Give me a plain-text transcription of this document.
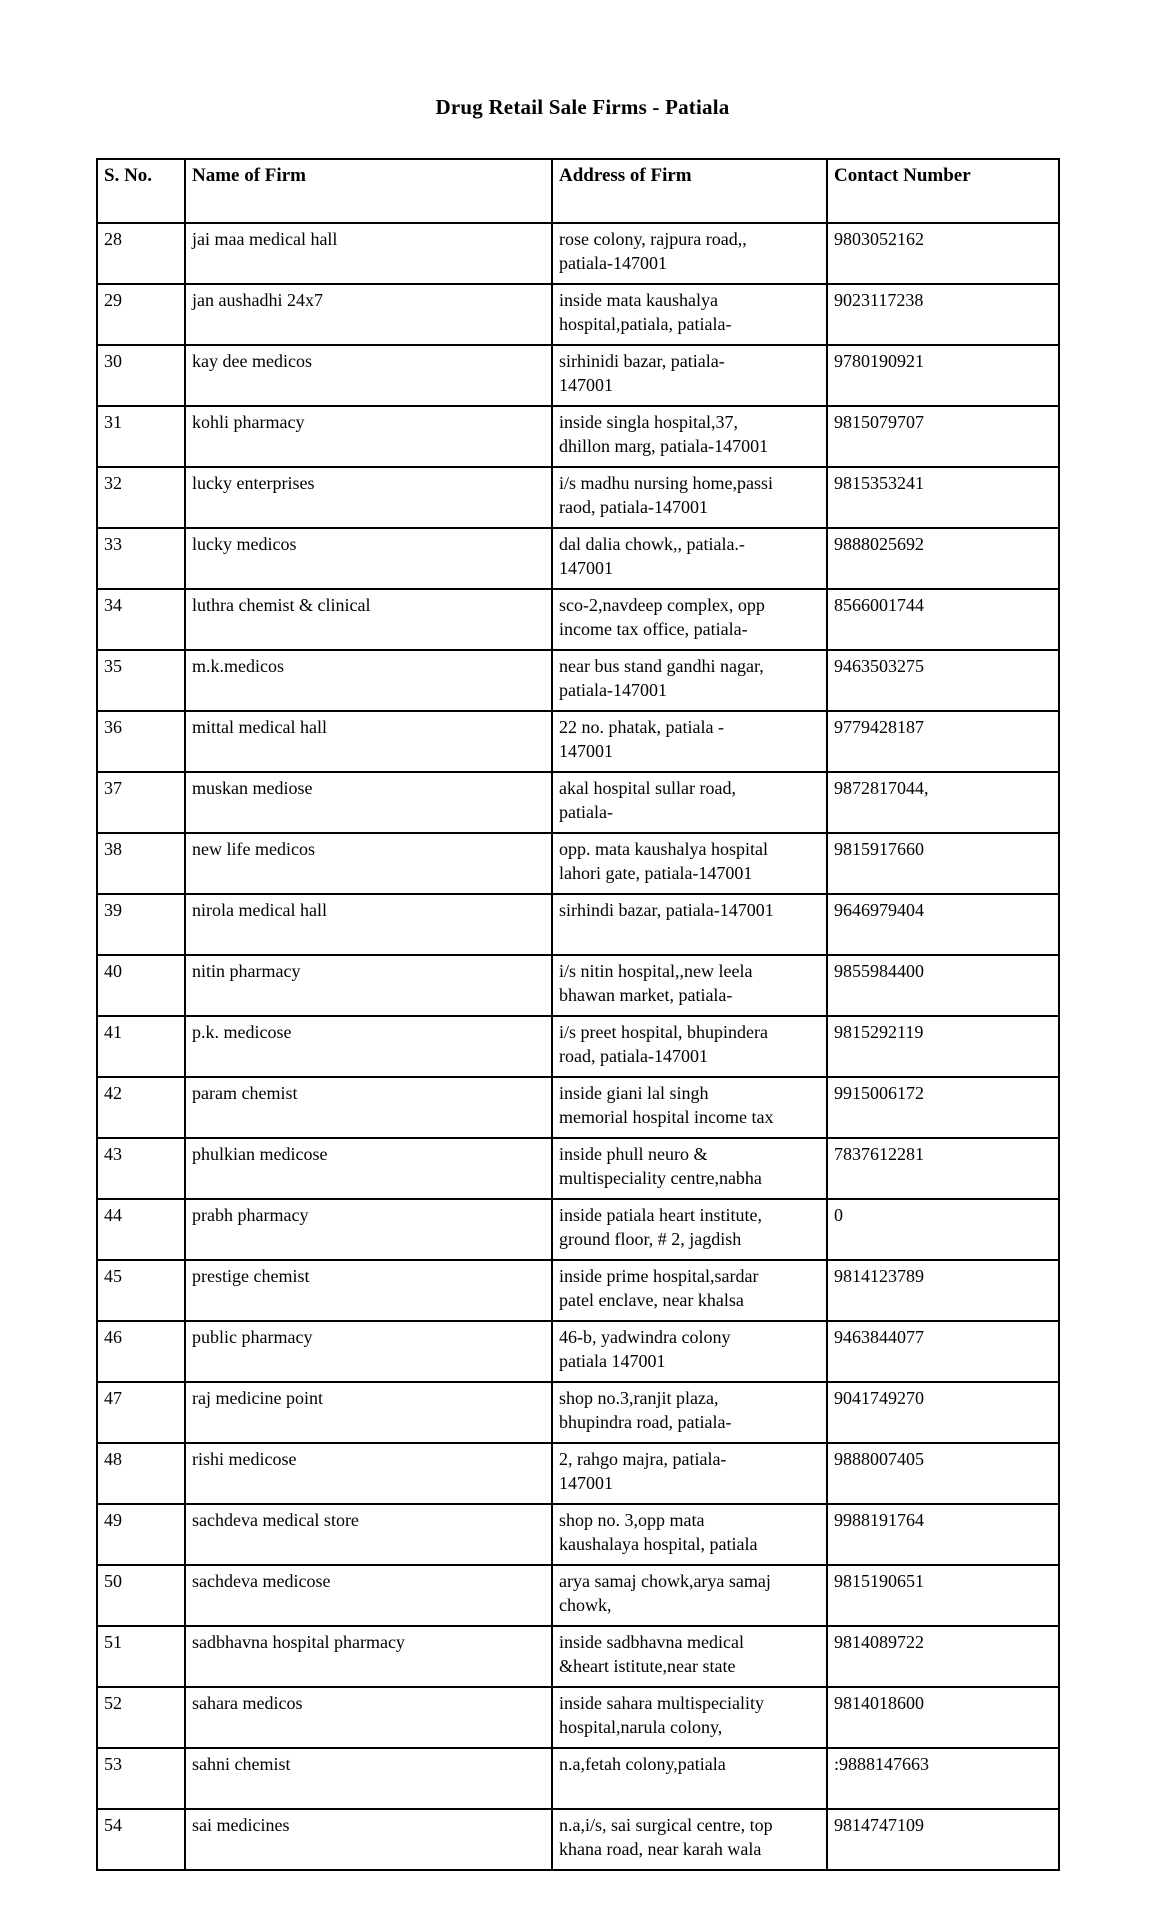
Drug Retail Sale Firms - Patiala
S. No.	Name of Firm	Address of Firm	Contact Number
28	jai maa medical hall	rose colony, rajpura road,,
patiala-147001	9803052162
29	jan aushadhi 24x7	inside mata kaushalya
hospital,patiala, patiala-	9023117238
30	kay dee medicos	sirhinidi bazar, patiala-
147001	9780190921
31	kohli pharmacy	inside singla hospital,37,
dhillon marg, patiala-147001	9815079707
32	lucky enterprises	i/s madhu nursing home,passi
raod, patiala-147001	9815353241
33	lucky medicos	dal dalia chowk,, patiala.-
147001	9888025692
34	luthra chemist & clinical	sco-2,navdeep complex, opp
income tax office, patiala-	8566001744
35	m.k.medicos	near bus stand gandhi nagar,
patiala-147001	9463503275
36	mittal medical hall	22 no. phatak, patiala -
147001	9779428187
37	muskan mediose	akal hospital sullar road,
patiala-	9872817044,
38	new life medicos	opp. mata kaushalya hospital
lahori gate, patiala-147001	9815917660
39	nirola medical hall	sirhindi bazar, patiala-147001	9646979404
40	nitin pharmacy	i/s nitin hospital,,new leela
bhawan market, patiala-	9855984400
41	p.k. medicose	i/s preet hospital, bhupindera
road, patiala-147001	9815292119
42	param chemist	inside giani lal singh
memorial hospital income tax	9915006172
43	phulkian medicose	inside phull neuro &
multispeciality centre,nabha	7837612281
44	prabh pharmacy	inside patiala heart institute,
ground floor, # 2, jagdish	0
45	prestige chemist	inside prime hospital,sardar
patel enclave, near khalsa	9814123789
46	public pharmacy	46-b, yadwindra colony
patiala 147001	9463844077
47	raj medicine point	shop no.3,ranjit plaza,
bhupindra road, patiala-	9041749270
48	rishi medicose	2, rahgo majra, patiala-
147001	9888007405
49	sachdeva medical store	shop no. 3,opp mata
kaushalaya hospital, patiala	9988191764
50	sachdeva medicose	arya samaj chowk,arya samaj
chowk,	9815190651
51	sadbhavna hospital pharmacy	inside sadbhavna medical
&heart istitute,near state	9814089722
52	sahara medicos	inside sahara multispeciality
hospital,narula colony,	9814018600
53	sahni chemist	n.a,fetah colony,patiala	:9888147663
54	sai medicines	n.a,i/s, sai surgical centre, top
khana road, near karah wala	9814747109
